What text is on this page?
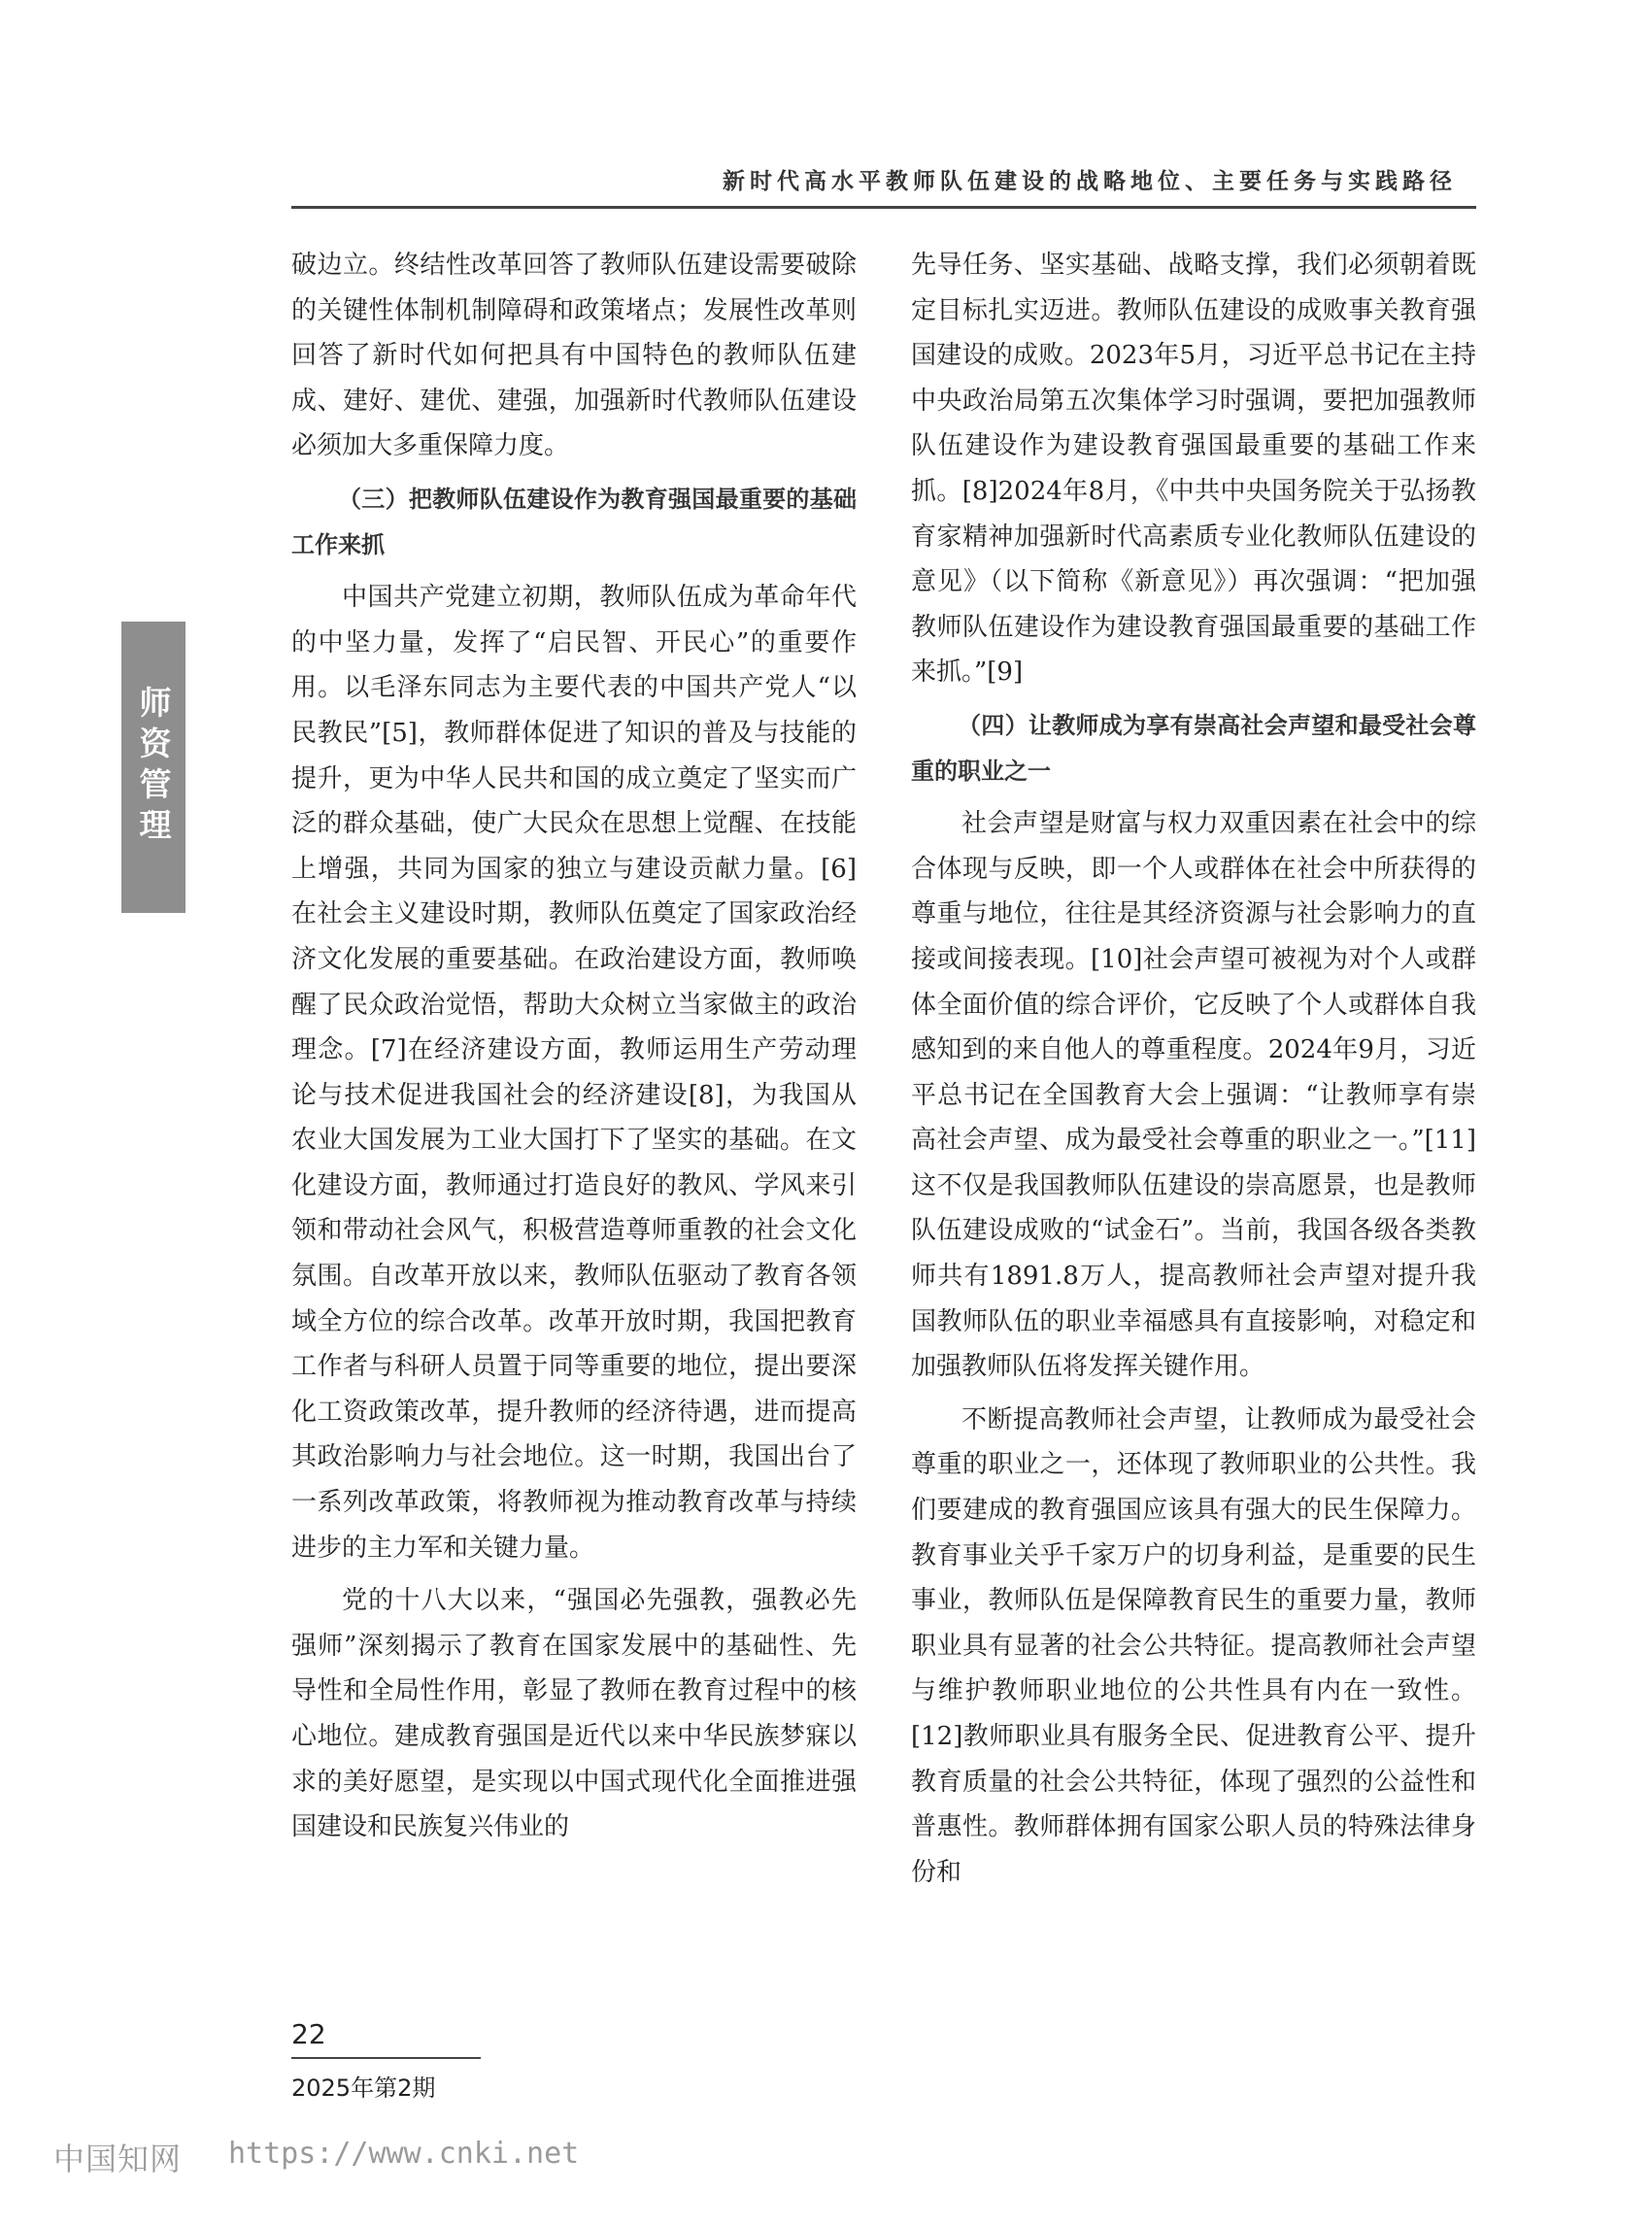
新时代高水平教师队伍建设的战略地位、主要任务与实践路径
师资管理

破边立。终结性改革回答了教师队伍建设需要破除的关键性体制机制障碍和政策堵点；发展性改革则回答了新时代如何把具有中国特色的教师队伍建成、建好、建优、建强，加强新时代教师队伍建设必须加大多重保障力度。

（三）把教师队伍建设作为教育强国最重要的基础工作来抓

中国共产党建立初期，教师队伍成为革命年代的中坚力量，发挥了“启民智、开民心”的重要作用。以毛泽东同志为主要代表的中国共产党人“以民教民”[5]，教师群体促进了知识的普及与技能的提升，更为中华人民共和国的成立奠定了坚实而广泛的群众基础，使广大民众在思想上觉醒、在技能上增强，共同为国家的独立与建设贡献力量。[6]在社会主义建设时期，教师队伍奠定了国家政治经济文化发展的重要基础。在政治建设方面，教师唤醒了民众政治觉悟，帮助大众树立当家做主的政治理念。[7]在经济建设方面，教师运用生产劳动理论与技术促进我国社会的经济建设[8]，为我国从农业大国发展为工业大国打下了坚实的基础。在文化建设方面，教师通过打造良好的教风、学风来引领和带动社会风气，积极营造尊师重教的社会文化氛围。自改革开放以来，教师队伍驱动了教育各领域全方位的综合改革。改革开放时期，我国把教育工作者与科研人员置于同等重要的地位，提出要深化工资政策改革，提升教师的经济待遇，进而提高其政治影响力与社会地位。这一时期，我国出台了一系列改革政策，将教师视为推动教育改革与持续进步的主力军和关键力量。

党的十八大以来，“强国必先强教，强教必先强师”深刻揭示了教育在国家发展中的基础性、先导性和全局性作用，彰显了教师在教育过程中的核心地位。建成教育强国是近代以来中华民族梦寐以求的美好愿望，是实现以中国式现代化全面推进强国建设和民族复兴伟业的

先导任务、坚实基础、战略支撑，我们必须朝着既定目标扎实迈进。教师队伍建设的成败事关教育强国建设的成败。2023年5月，习近平总书记在主持中央政治局第五次集体学习时强调，要把加强教师队伍建设作为建设教育强国最重要的基础工作来抓。[8]2024年8月，《中共中央国务院关于弘扬教育家精神加强新时代高素质专业化教师队伍建设的意见》（以下简称《新意见》）再次强调：“把加强教师队伍建设作为建设教育强国最重要的基础工作来抓。”[9]

（四）让教师成为享有崇高社会声望和最受社会尊重的职业之一

社会声望是财富与权力双重因素在社会中的综合体现与反映，即一个人或群体在社会中所获得的尊重与地位，往往是其经济资源与社会影响力的直接或间接表现。[10]社会声望可被视为对个人或群体全面价值的综合评价，它反映了个人或群体自我感知到的来自他人的尊重程度。2024年9月，习近平总书记在全国教育大会上强调：“让教师享有崇高社会声望、成为最受社会尊重的职业之一。”[11]这不仅是我国教师队伍建设的崇高愿景，也是教师队伍建设成败的“试金石”。当前，我国各级各类教师共有1891.8万人，提高教师社会声望对提升我国教师队伍的职业幸福感具有直接影响，对稳定和加强教师队伍将发挥关键作用。

不断提高教师社会声望，让教师成为最受社会尊重的职业之一，还体现了教师职业的公共性。我们要建成的教育强国应该具有强大的民生保障力。教育事业关乎千家万户的切身利益，是重要的民生事业，教师队伍是保障教育民生的重要力量，教师职业具有显著的社会公共特征。提高教师社会声望与维护教师职业地位的公共性具有内在一致性。[12]教师职业具有服务全民、促进教育公平、提升教育质量的社会公共特征，体现了强烈的公益性和普惠性。教师群体拥有国家公职人员的特殊法律身份和

22
2025年第2期
中国知网 https://www.cnki.net
